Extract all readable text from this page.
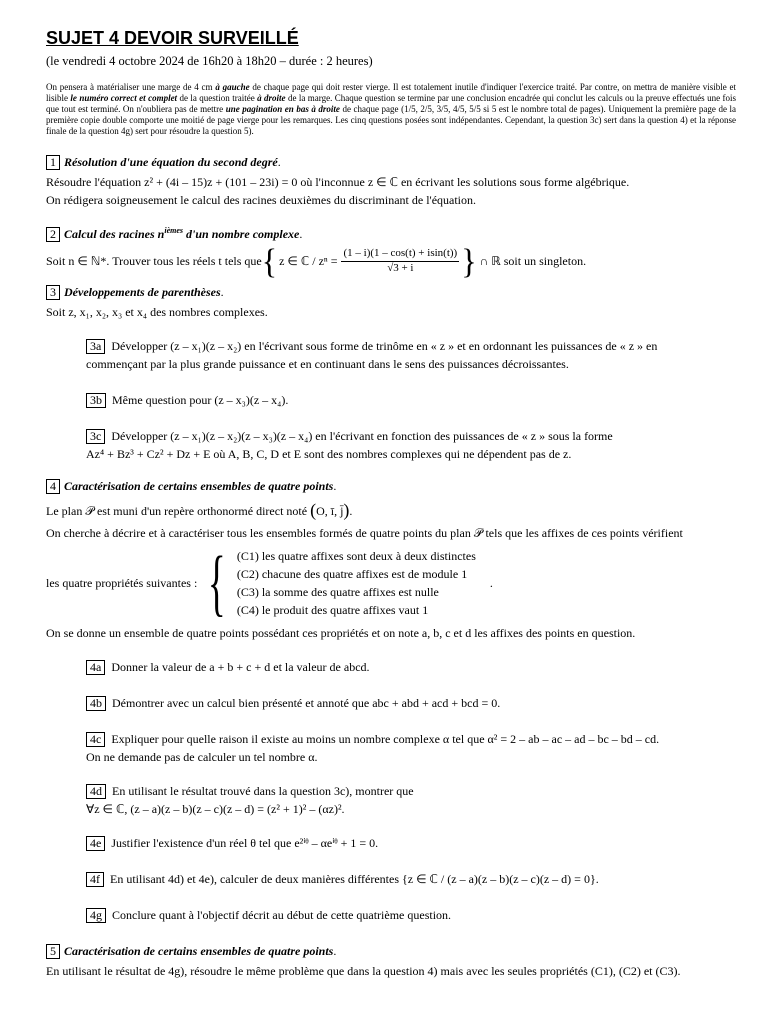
SUJET 4 DEVOIR SURVEILLÉ

(le vendredi 4 octobre 2024 de 16h20 à 18h20 – durée : 2 heures)

On pensera à matérialiser une marge de 4 cm à gauche de chaque page qui doit rester vierge. Il est totalement inutile d'indiquer l'exercice traité. Par contre, on mettra de manière visible et lisible le numéro correct et complet de la question traitée à droite de la marge. Chaque question se termine par une conclusion encadrée qui conclut les calculs ou la preuve effectués une fois que tout est terminé. On n'oubliera pas de mettre une pagination en bas à droite de chaque page (1/5, 2/5, 3/5, 4/5, 5/5 si 5 est le nombre total de pages). Uniquement la première page de la première copie double comporte une moitié de page vierge pour les remarques. Les cinq questions posées sont indépendantes. Cependant, la question 3c) sert dans la question 4) et la réponse finale de la question 4g) sert pour résoudre la question 5).

1 Résolution d'une équation du second degré.

Résoudre l'équation z² + (4i – 15)z + (101 – 23i) = 0 où l'inconnue z ∈ ℂ en écrivant les solutions sous forme algébrique.

On rédigera soigneusement le calcul des racines deuxièmes du discriminant de l'équation.

2 Calcul des racines $n^{ièmes}$ d'un nombre complexe.

Soit n ∈ ℕ*. Trouver tous les réels t tels que { z ∈ ℂ / $z^n = \frac{(1 - i)(1 - \cos(t) + isin(t))}{√3 + i}$ } ∩ ℝ soit un singleton.

3 Développements de parenthèses.

Soit z, x₁, x₂, x₃ et x₄ des nombres complexes.

3a Développer (z – x₁)(z – x₂) en l'écrivant sous forme de trinôme en « z » et en ordonnant les puissances de « z » en

commençant par la plus grande puissance et en continuant dans le sens des puissances décroissantes.

3b Même question pour (z – x₃)(z – x₄).

3c Développer (z – x₁)(z – x₂)(z – x₃)(z – x₄) en l'écrivant en fonction des puissances de « z » sous la forme

Az⁴ + Bz³ + Cz² + Dz + E où A, B, C, D et E sont des nombres complexes qui ne dépendent pas de z.

4 Caractérisation de certains ensembles de quatre points.

Le plan 𝒫 est muni d'un repère orthonormé direct noté ( O, ī, j̄ ) .

On cherche à décrire et à caractériser tous les ensembles formés de quatre points du plan 𝒫 tels que les affixes de ces points vérifient

les quatre propriétés suivantes : { (C1) les quatre affixes sont deux à deux distinctes
(C2) chacune des quatre affixes est de module 1
(C3) la somme des quatre affixes est nulle
(C4) le produit des quatre affixes vaut 1
.

On se donne un ensemble de quatre points possédant ces propriétés et on note a, b, c et d les affixes des points en question.

4a Donner la valeur de a + b + c + d et la valeur de abcd.

4b Démontrer avec un calcul bien présenté et annoté que abc + abd + acd + bcd = 0.

4c Expliquer pour quelle raison il existe au moins un nombre complexe α tel que α² = 2 – ab – ac – ad – bc – bd – cd.

On ne demande pas de calculer un tel nombre α.

4d En utilisant le résultat trouvé dans la question 3c), montrer que

∀z ∈ ℂ, (z – a)(z – b)(z – c)(z – d) = (z² + 1)² – (αz)².

4e Justifier l'existence d'un réel θ tel que e²ⁱᶿ – αeⁱᶿ + 1 = 0.

4f En utilisant 4d) et 4e), calculer de deux manières différentes {z ∈ ℂ / (z – a)(z – b)(z – c)(z – d) = 0}.

4g Conclure quant à l'objectif décrit au début de cette quatrième question.

5 Caractérisation de certains ensembles de quatre points.

En utilisant le résultat de 4g), résoudre le même problème que dans la question 4) mais avec les seules propriétés (C1), (C2) et (C3).
